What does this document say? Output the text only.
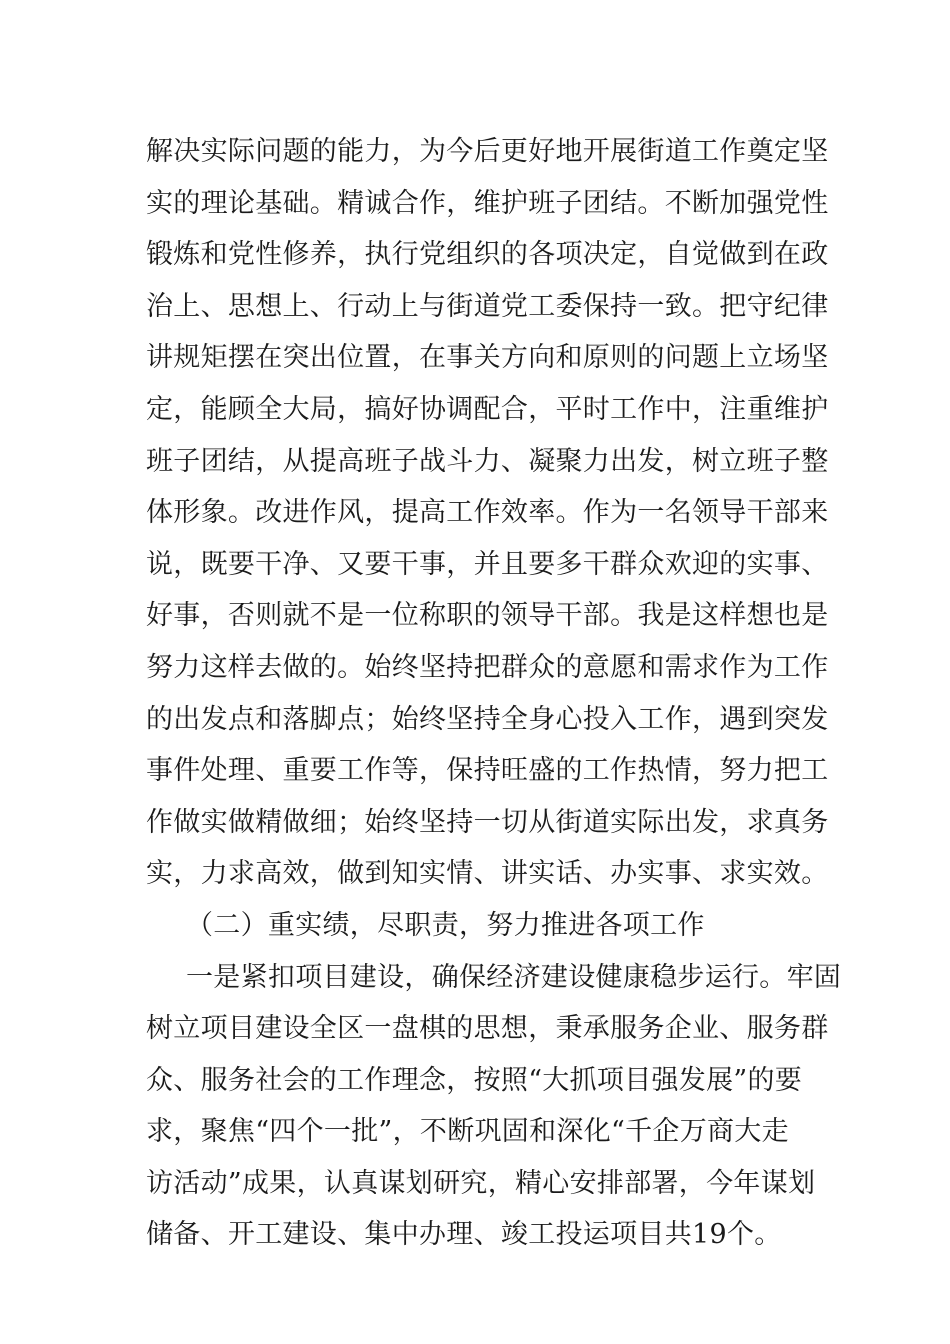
解决实际问题的能力，为今后更好地开展街道工作奠定坚
实的理论基础。精诚合作，维护班子团结。不断加强党性
锻炼和党性修养，执行党组织的各项决定，自觉做到在政
治上、思想上、行动上与街道党工委保持一致。把守纪律
讲规矩摆在突出位置，在事关方向和原则的问题上立场坚
定，能顾全大局，搞好协调配合，平时工作中，注重维护
班子团结，从提高班子战斗力、凝聚力出发，树立班子整
体形象。改进作风，提高工作效率。作为一名领导干部来
说，既要干净、又要干事，并且要多干群众欢迎的实事、
好事，否则就不是一位称职的领导干部。我是这样想也是
努力这样去做的。始终坚持把群众的意愿和需求作为工作
的出发点和落脚点；始终坚持全身心投入工作，遇到突发
事件处理、重要工作等，保持旺盛的工作热情，努力把工
作做实做精做细；始终坚持一切从街道实际出发，求真务
实，力求高效，做到知实情、讲实话、办实事、求实效。
（二）重实绩，尽职责，努力推进各项工作
一是紧扣项目建设，确保经济建设健康稳步运行。牢固
树立项目建设全区一盘棋的思想，秉承服务企业、服务群
众、服务社会的工作理念，按照“大抓项目强发展”的要
求，聚焦“四个一批”，不断巩固和深化“千企万商大走
访活动”成果，认真谋划研究，精心安排部署，今年谋划
储备、开工建设、集中办理、竣工投运项目共19个。
